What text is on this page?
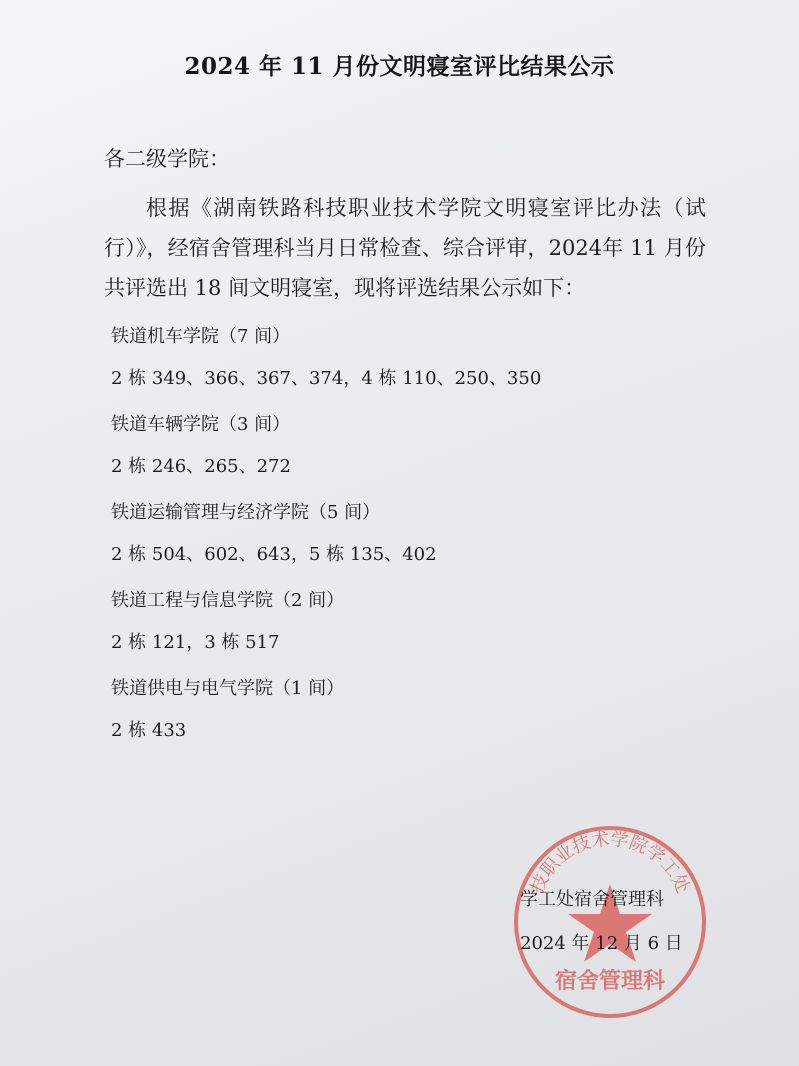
2024 年 11 月份文明寝室评比结果公示
各二级学院：
根据《湖南铁路科技职业技术学院文明寝室评比办法（试行）》，经宿舍管理科当月日常检查、综合评审，2024年 11 月份共评选出 18 间文明寝室，现将评选结果公示如下：
铁道机车学院（7 间）
2 栋 349、366、367、374，4 栋 110、250、350
铁道车辆学院（3 间）
2 栋 246、265、272
铁道运输管理与经济学院（5 间）
2 栋 504、602、643，5 栋 135、402
铁道工程与信息学院（2 间）
2 栋 121，3 栋 517
铁道供电与电气学院（1 间）
2 栋 433
技职业技术学院学工处
宿舍管理科
学工处宿舍管理科
2024 年 12 月 6 日
